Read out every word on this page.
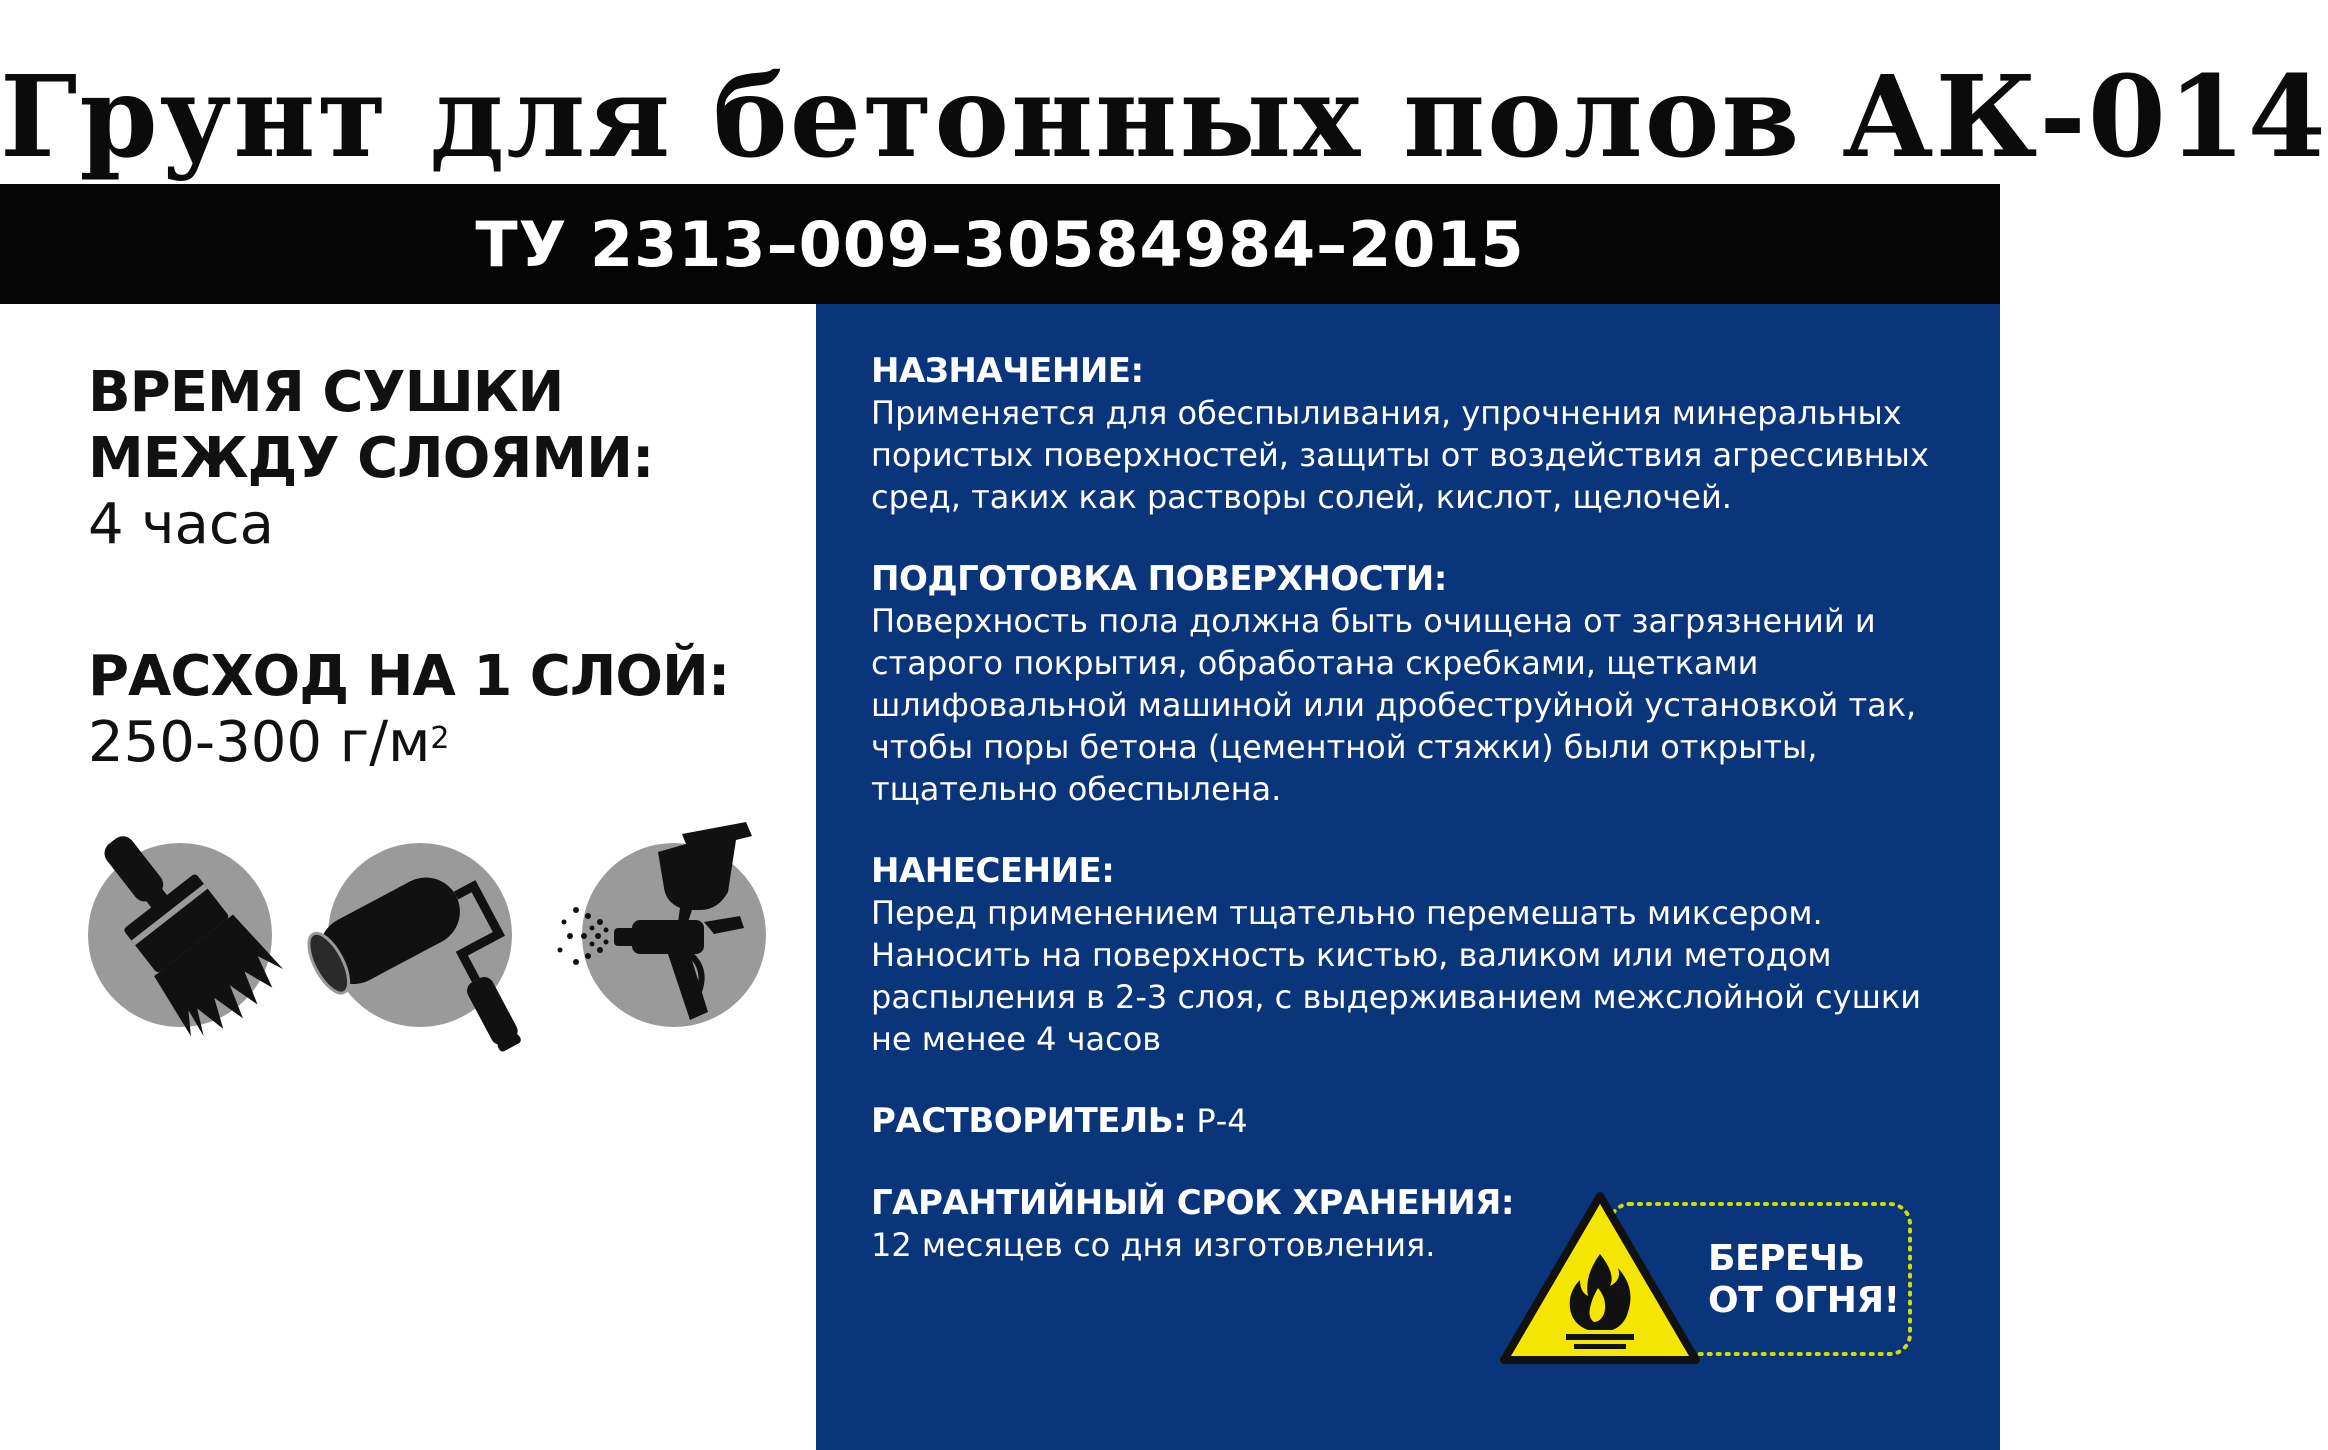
Грунт для бетонных полов АК-014
ТУ 2313–009–30584984–2015
ВРЕМЯ СУШКИ МЕЖДУ СЛОЯМИ:
4 часа
РАСХОД НА 1 СЛОЙ:
250-300 $г/м^2$
НАЗНАЧЕНИЕ:
Применяется для обеспыливания, упрочнения минеральных
пористых поверхностей, защиты от воздействия агрессивных
сред, таких как растворы солей, кислот, щелочей.
ПОДГОТОВКА ПОВЕРХНОСТИ:
Поверхность пола должна быть очищена от загрязнений и
старого покрытия, обработана скребками, щетками
шлифовальной машиной или дробеструйной установкой так,
чтобы поры бетона (цементной стяжки) были открыты,
тщательно обеспылена.
НАНЕСЕНИЕ:
Перед применением тщательно перемешать миксером.
Наносить на поверхность кистью, валиком или методом
распыления в 2-3 слоя, с выдерживанием межслойной сушки
не менее 4 часов
РАСТВОРИТЕЛЬ: Р-4
ГАРАНТИЙНЫЙ СРОК ХРАНЕНИЯ:
12 месяцев со дня изготовления.	БЕРЕЧЬ
ОТ ОГНЯ!
